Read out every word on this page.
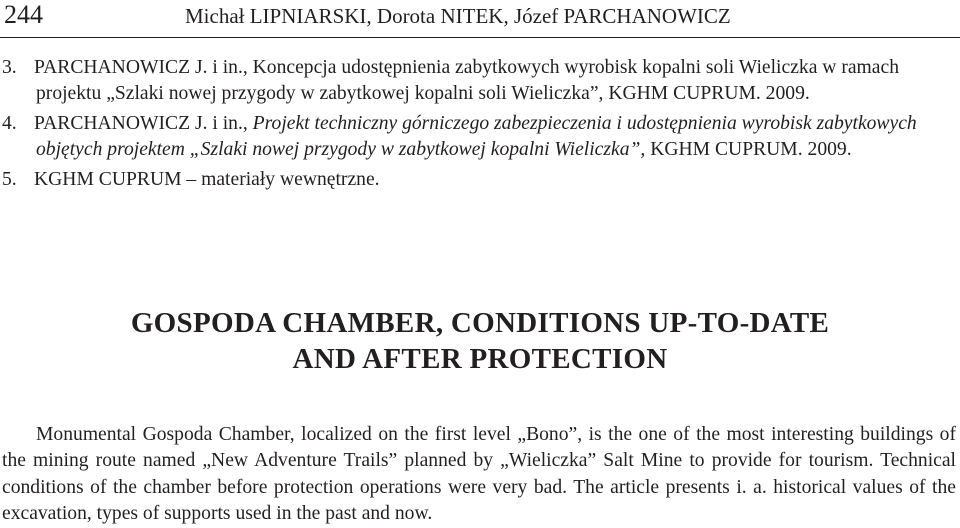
244	Michał LIPNIARSKI, Dorota NITEK, Józef PARCHANOWICZ

3. PARCHANOWICZ J. i in., Koncepcja udostępnienia zabytkowych wyrobisk kopalni soli Wieliczka w ramach projektu „Szlaki nowej przygody w zabytkowej kopalni soli Wieliczka”, KGHM CUPRUM. 2009.

4. PARCHANOWICZ J. i in., Projekt techniczny górniczego zabezpieczenia i udostępnienia wyrobisk zabytkowych objętych projektem „Szlaki nowej przygody w zabytkowej kopalni Wieliczka”, KGHM CUPRUM. 2009.

5. KGHM CUPRUM – materiały wewnętrzne.

GOSPODA CHAMBER, CONDITIONS UP-TO-DATE
AND AFTER PROTECTION

Monumental Gospoda Chamber, localized on the first level „Bono”, is the one of the most interesting buildings of the mining route named „New Adventure Trails” planned by „Wieliczka” Salt Mine to provide for tourism. Technical conditions of the chamber before protection operations were very bad. The article presents i. a. historical values of the excavation, types of supports used in the past and now.
